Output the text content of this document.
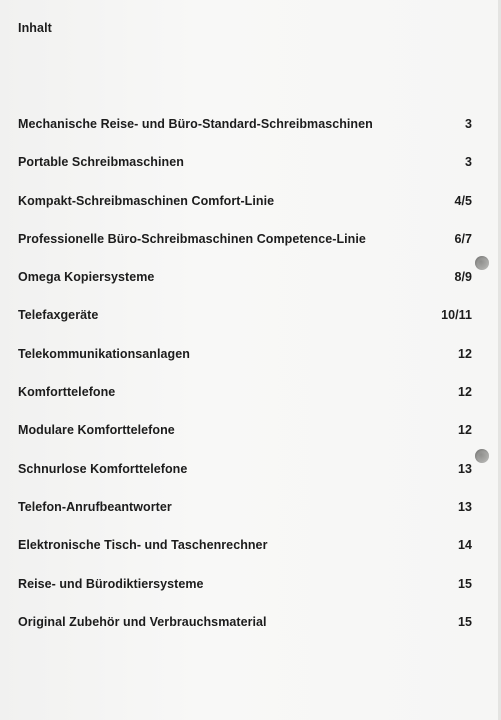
Inhalt
Mechanische Reise- und Büro-Standard-Schreibmaschinen	3
Portable Schreibmaschinen	3
Kompakt-Schreibmaschinen Comfort-Linie	4/5
Professionelle Büro-Schreibmaschinen Competence-Linie	6/7
Omega Kopiersysteme	8/9
Telefaxgeräte	10/11
Telekommunikationsanlagen	12
Komforttelefone	12
Modulare Komforttelefone	12
Schnurlose Komforttelefone	13
Telefon-Anrufbeantworter	13
Elektronische Tisch- und Taschenrechner	14
Reise- und Bürodiktiersysteme	15
Original Zubehör und Verbrauchsmaterial	15
